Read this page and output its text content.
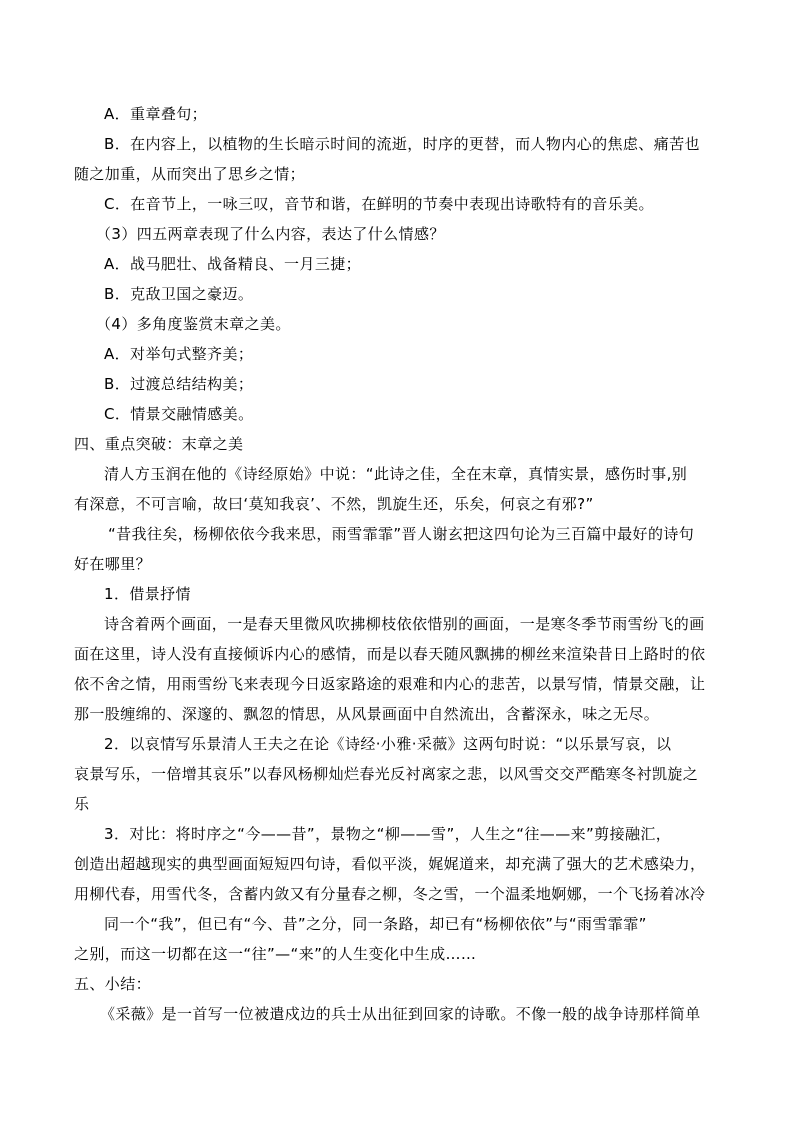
A．重章叠句；
B．在内容上，以植物的生长暗示时间的流逝，时序的更替，而人物内心的焦虑、痛苦也
随之加重，从而突出了思乡之情；
C．在音节上，一咏三叹，音节和谐，在鲜明的节奏中表现出诗歌特有的音乐美。
（3）四五两章表现了什么内容，表达了什么情感？
A．战马肥壮、战备精良、一月三捷；
B．克敌卫国之豪迈。
（4）多角度鉴赏末章之美。
A．对举句式整齐美；
B．过渡总结结构美；
C．情景交融情感美。
四、重点突破：末章之美
清人方玉润在他的《诗经原始》中说：“此诗之佳，全在末章，真情实景，感伤时事,别
有深意，不可言喻，故曰‘莫知我哀’、不然，凯旋生还，乐矣，何哀之有邪?”
“昔我往矣，杨柳依依今我来思，雨雪霏霏”晋人谢玄把这四句论为三百篇中最好的诗句
好在哪里？
1．借景抒情
诗含着两个画面，一是春天里微风吹拂柳枝依依惜别的画面，一是寒冬季节雨雪纷飞的画
面在这里，诗人没有直接倾诉内心的感情，而是以春天随风飘拂的柳丝来渲染昔日上路时的依
依不舍之情，用雨雪纷飞来表现今日返家路途的艰难和内心的悲苦，以景写情，情景交融，让
那一股缠绵的、深邃的、飘忽的情思，从风景画面中自然流出，含蓄深永，味之无尽。
2．以哀情写乐景清人王夫之在论《诗经·小雅·采薇》这两句时说：“以乐景写哀，以
哀景写乐，一倍增其哀乐”以春风杨柳灿烂春光反衬离家之悲，以风雪交交严酷寒冬衬凯旋之
乐
3．对比：将时序之“今——昔”，景物之“柳——雪”，人生之“往——来”剪接融汇，
创造出超越现实的典型画面短短四句诗，看似平淡，娓娓道来，却充满了强大的艺术感染力，
用柳代春，用雪代冬，含蓄内敛又有分量春之柳，冬之雪，一个温柔地婀娜，一个飞扬着冰冷
同一个“我”，但已有“今、昔”之分，同一条路，却已有“杨柳依依”与“雨雪霏霏”
之别，而这一切都在这一“往”—“来”的人生变化中生成……
五、小结：
《采薇》是一首写一位被遣戍边的兵士从出征到回家的诗歌。不像一般的战争诗那样简单
